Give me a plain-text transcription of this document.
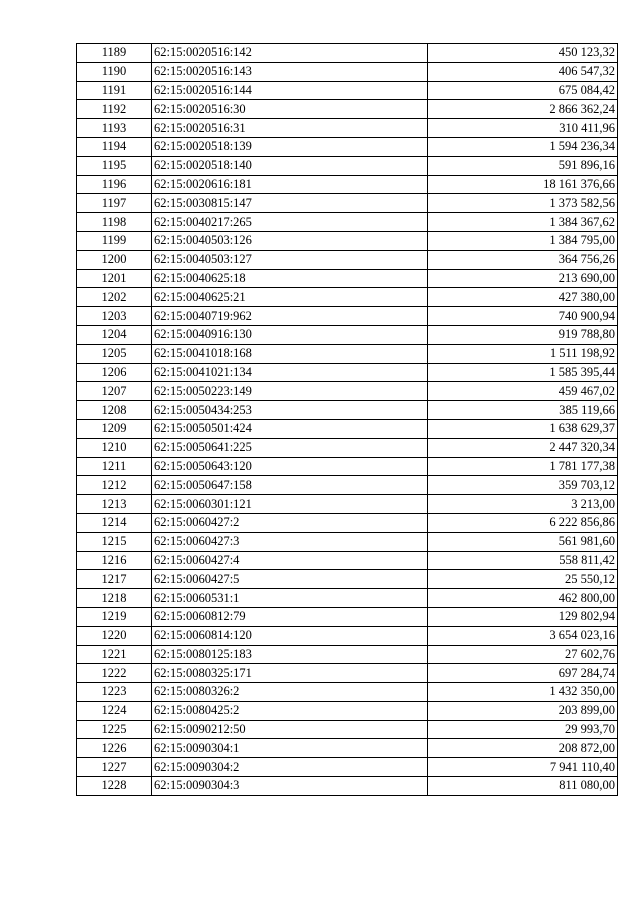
1189	62:15:0020516:142	450 123,32
1190	62:15:0020516:143	406 547,32
1191	62:15:0020516:144	675 084,42
1192	62:15:0020516:30	2 866 362,24
1193	62:15:0020516:31	310 411,96
1194	62:15:0020518:139	1 594 236,34
1195	62:15:0020518:140	591 896,16
1196	62:15:0020616:181	18 161 376,66
1197	62:15:0030815:147	1 373 582,56
1198	62:15:0040217:265	1 384 367,62
1199	62:15:0040503:126	1 384 795,00
1200	62:15:0040503:127	364 756,26
1201	62:15:0040625:18	213 690,00
1202	62:15:0040625:21	427 380,00
1203	62:15:0040719:962	740 900,94
1204	62:15:0040916:130	919 788,80
1205	62:15:0041018:168	1 511 198,92
1206	62:15:0041021:134	1 585 395,44
1207	62:15:0050223:149	459 467,02
1208	62:15:0050434:253	385 119,66
1209	62:15:0050501:424	1 638 629,37
1210	62:15:0050641:225	2 447 320,34
1211	62:15:0050643:120	1 781 177,38
1212	62:15:0050647:158	359 703,12
1213	62:15:0060301:121	3 213,00
1214	62:15:0060427:2	6 222 856,86
1215	62:15:0060427:3	561 981,60
1216	62:15:0060427:4	558 811,42
1217	62:15:0060427:5	25 550,12
1218	62:15:0060531:1	462 800,00
1219	62:15:0060812:79	129 802,94
1220	62:15:0060814:120	3 654 023,16
1221	62:15:0080125:183	27 602,76
1222	62:15:0080325:171	697 284,74
1223	62:15:0080326:2	1 432 350,00
1224	62:15:0080425:2	203 899,00
1225	62:15:0090212:50	29 993,70
1226	62:15:0090304:1	208 872,00
1227	62:15:0090304:2	7 941 110,40
1228	62:15:0090304:3	811 080,00
